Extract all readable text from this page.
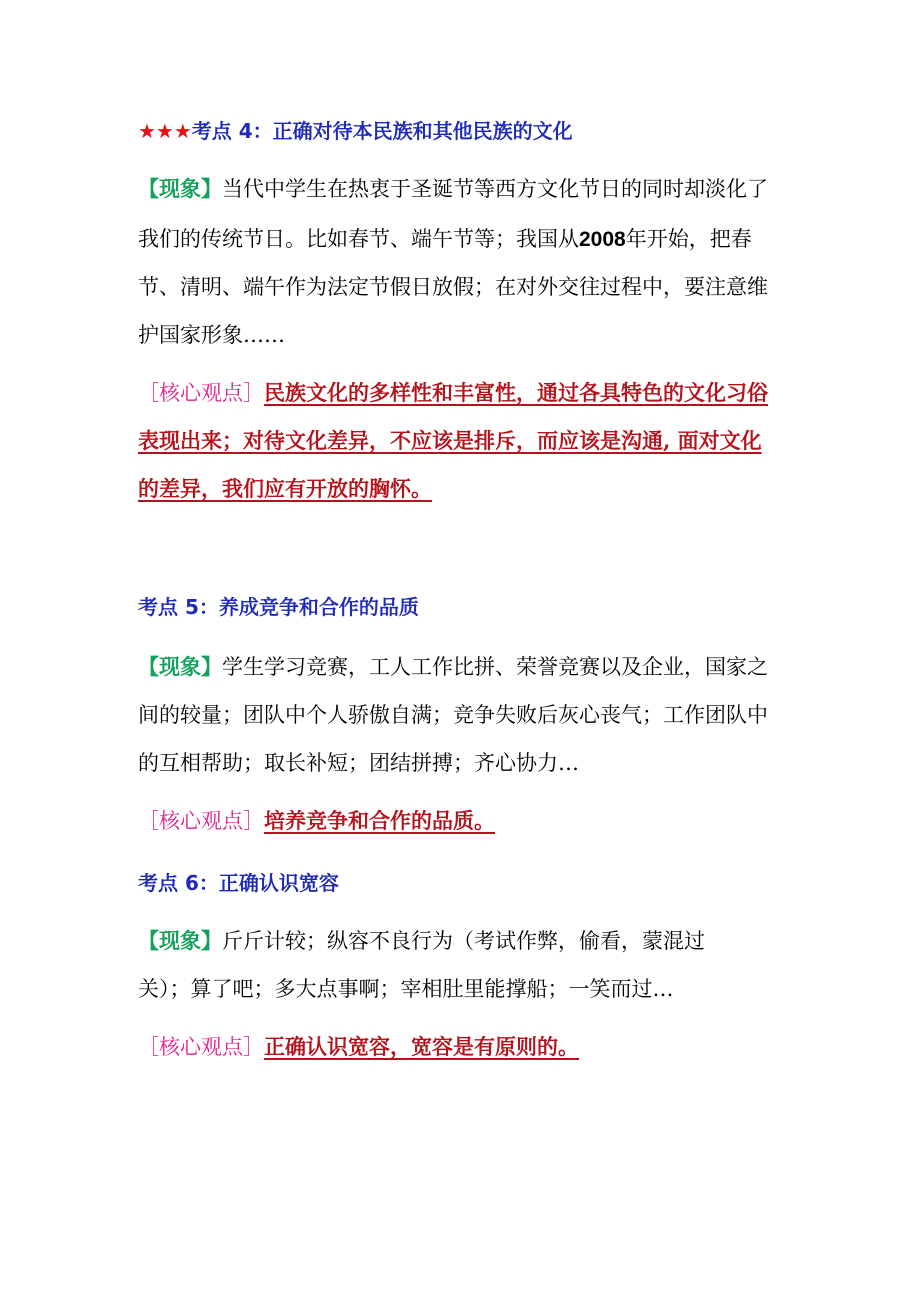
★★★考点 4：正确对待本民族和其他民族的文化
【现象】当代中学生在热衷于圣诞节等西方文化节日的同时却淡化了
我们的传统节日。比如春节、端午节等；我国从2008年开始，把春
节、清明、端午作为法定节假日放假；在对外交往过程中，要注意维
护国家形象……
［核心观点］民族文化的多样性和丰富性，通过各具特色的文化习俗
表现出来；对待文化差异，不应该是排斥，而应该是沟通, 面对文化
的差异，我们应有开放的胸怀。
考点 5：养成竞争和合作的品质
【现象】学生学习竞赛，工人工作比拼、荣誉竞赛以及企业，国家之
间的较量；团队中个人骄傲自满；竞争失败后灰心丧气；工作团队中
的互相帮助；取长补短；团结拼搏；齐心协力…
［核心观点］培养竞争和合作的品质。
考点 6：正确认识宽容
【现象】斤斤计较；纵容不良行为（考试作弊，偷看，蒙混过
关）；算了吧；多大点事啊；宰相肚里能撑船；一笑而过…
［核心观点］正确认识宽容，宽容是有原则的。
